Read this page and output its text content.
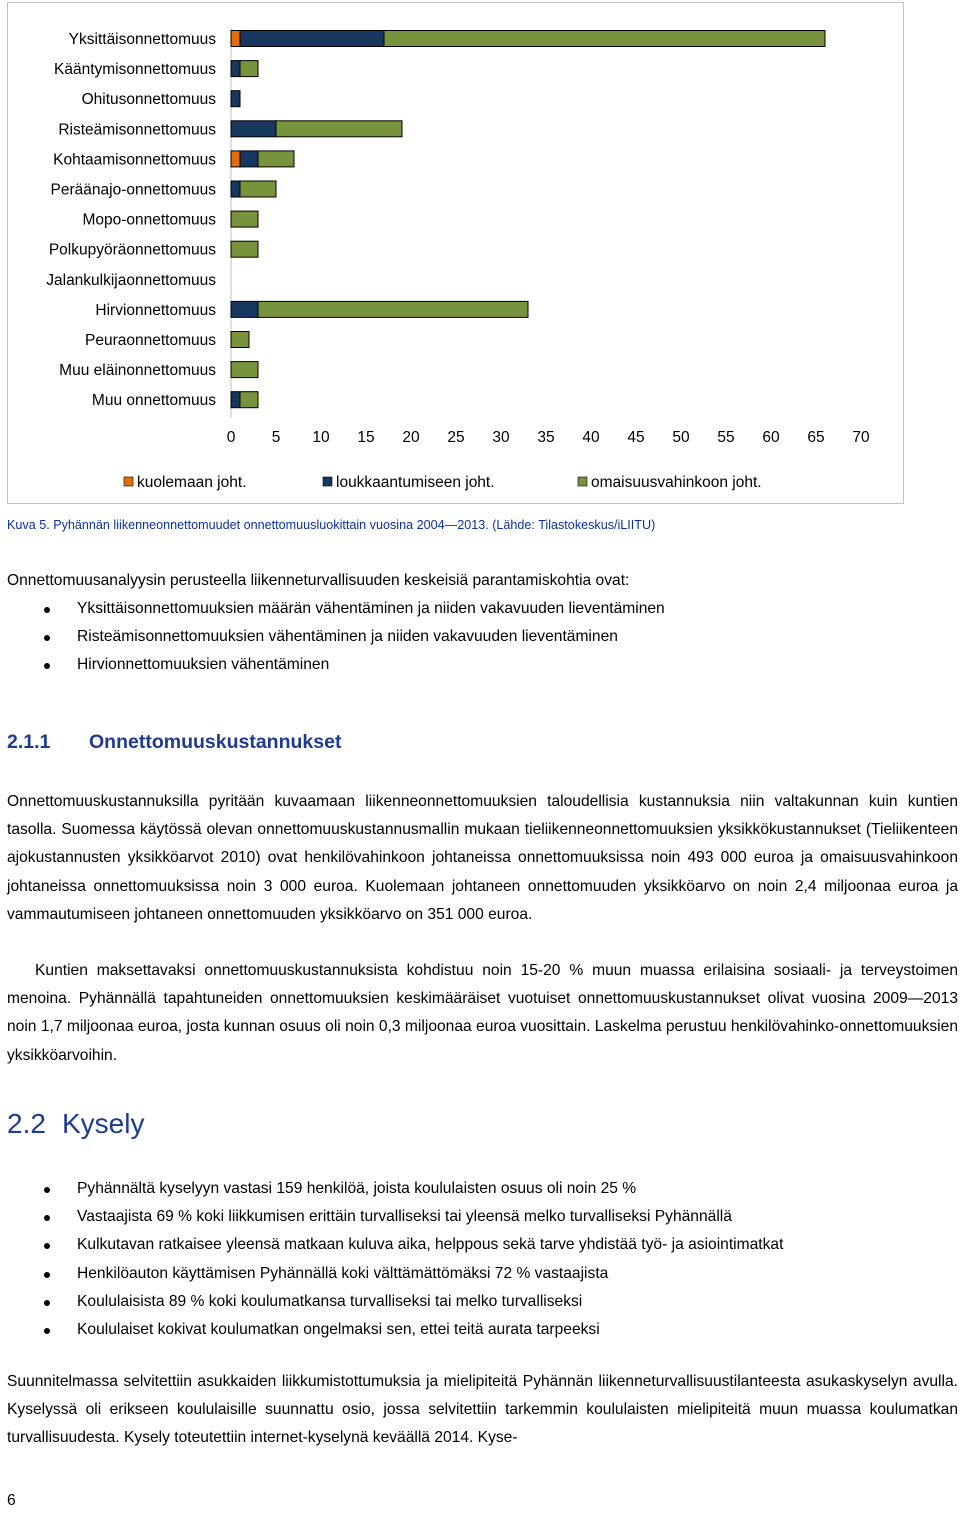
Yksittäisonnettomuus
Kääntymisonnettomuus
Ohitusonnettomuus
Risteämisonnettomuus
Kohtaamisonnettomuus
Peräänajo-onnettomuus
Mopo-onnettomuus
Polkupyöräonnettomuus
Jalankulkijaonnettomuus
Hirvionnettomuus
Peuraonnettomuus
Muu eläinonnettomuus
Muu onnettomuus
0 5 10 15 20 25 30 35 40 45 50 55 60 65 70
kuolemaan joht.	loukkaantumiseen joht.	omaisuusvahinkoon joht.

Kuva 5. Pyhännän liikenneonnettomuudet onnettomuusluokittain vuosina 2004—2013. (Lähde: Tilastokeskus/iLIITU)

Onnettomuusanalyysin perusteella liikenneturvallisuuden keskeisiä parantamiskohtia ovat:

Yksittäisonnettomuuksien määrän vähentäminen ja niiden vakavuuden lieventäminen
Risteämisonnettomuuksien vähentäminen ja niiden vakavuuden lieventäminen
Hirvionnettomuuksien vähentäminen
2.1.1 Onnettomuuskustannukset

Onnettomuuskustannuksilla pyritään kuvaamaan liikenneonnettomuuksien taloudellisia kustannuksia niin valtakunnan kuin kuntien tasolla. Suomessa käytössä olevan onnettomuuskustannusmallin mukaan tieliikenneonnettomuuksien yksikkökustannukset (Tieliikenteen ajokustannusten yksikköarvot 2010) ovat henkilövahinkoon johtaneissa onnettomuuksissa noin 493 000 euroa ja omaisuusvahinkoon johtaneissa onnettomuuksissa noin 3 000 euroa. Kuolemaan johtaneen onnettomuuden yksikköarvo on noin 2,4 miljoonaa euroa ja vammautumiseen johtaneen onnettomuuden yksikköarvo on 351 000 euroa.

Kuntien maksettavaksi onnettomuuskustannuksista kohdistuu noin 15-20 % muun muassa erilaisina sosiaali- ja terveystoimen menoina. Pyhännällä tapahtuneiden onnettomuuksien keskimääräiset vuotuiset onnettomuuskustannukset olivat vuosina 2009—2013 noin 1,7 miljoonaa euroa, josta kunnan osuus oli noin 0,3 miljoonaa euroa vuosittain. Laskelma perustuu henkilövahinko-onnettomuuksien yksikköarvoihin.

2.2 Kysely
Pyhännältä kyselyyn vastasi 159 henkilöä, joista koululaisten osuus oli noin 25 %
Vastaajista 69 % koki liikkumisen erittäin turvalliseksi tai yleensä melko turvalliseksi Pyhännällä
Kulkutavan ratkaisee yleensä matkaan kuluva aika, helppous sekä tarve yhdistää työ- ja asiointimatkat
Henkilöauton käyttämisen Pyhännällä koki välttämättömäksi 72 % vastaajista
Koululaisista 89 % koki koulumatkansa turvalliseksi tai melko turvalliseksi
Koululaiset kokivat koulumatkan ongelmaksi sen, ettei teitä aurata tarpeeksi

Suunnitelmassa selvitettiin asukkaiden liikkumistottumuksia ja mielipiteitä Pyhännän liikenneturvallisuustilanteesta asukaskyselyn avulla. Kyselyssä oli erikseen koululaisille suunnattu osio, jossa selvitettiin tarkemmin koululaisten mielipiteitä muun muassa koulumatkan turvallisuudesta. Kysely toteutettiin internet-kyselynä keväällä 2014. Kyse-

6
